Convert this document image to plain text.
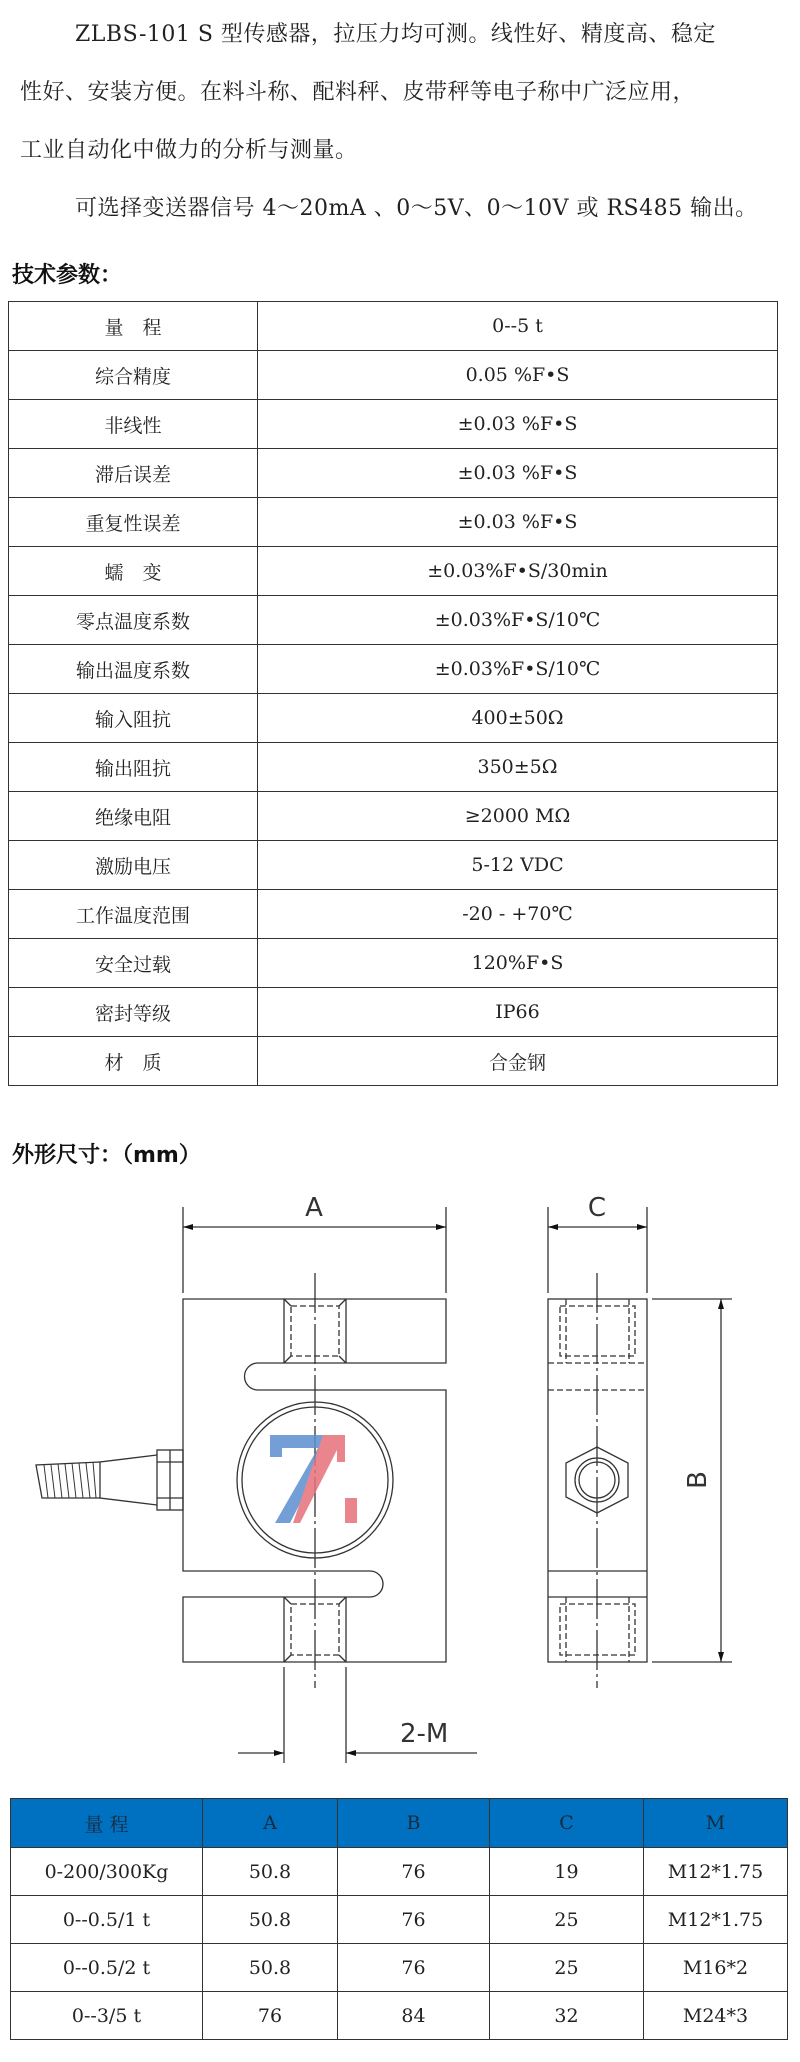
ZLBS-101 S 型传感器，拉压力均可测。线性好、精度高、稳定
性好、安装方便。在料斗称、配料秤、皮带秤等电子称中广泛应用，
工业自动化中做力的分析与测量。
可选择变送器信号 4～20mA 、0～5V、0～10V 或 RS485 输出。
技术参数：
量　程	0--5 t
综合精度	0.05 %F•S
非线性	±0.03 %F•S
滞后误差	±0.03 %F•S
重复性误差	±0.03 %F•S
蠕　变	±0.03%F•S/30min
零点温度系数	±0.03%F•S/10℃
输出温度系数	±0.03%F•S/10℃
输入阻抗	400±50Ω
输出阻抗	350±5Ω
绝缘电阻	≥2000 MΩ
激励电压	5-12 VDC
工作温度范围	-20 - +70℃
安全过载	120%F•S
密封等级	IP66
材　质	合金钢
外形尺寸：（mm）
A	C
B
2-M
量 程	A	B	C	M
0-200/300Kg	50.8	76	19	M12*1.75
0--0.5/1 t	50.8	76	25	M12*1.75
0--0.5/2 t	50.8	76	25	M16*2
0--3/5 t	76	84	32	M24*3
